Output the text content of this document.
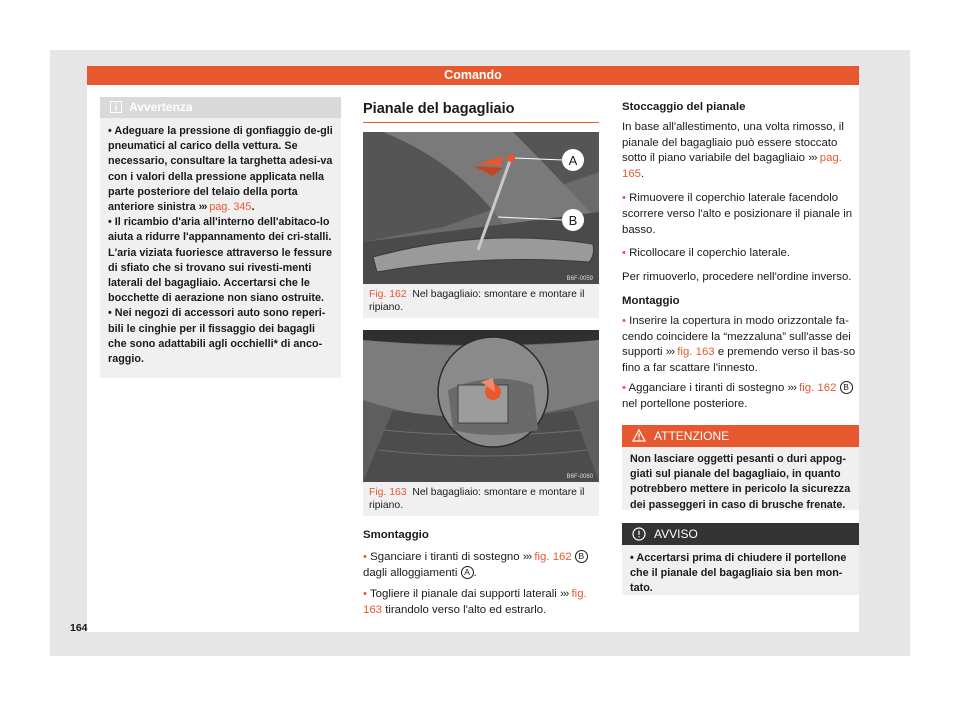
Comando
Avvertenza

• Adeguare la pressione di gonfiaggio de-gli pneumatici al carico della vettura. Se necessario, consultare la targhetta adesi-va con i valori della pressione applicata nella parte posteriore del telaio della porta anteriore sinistra ››› pag. 345.

• Il ricambio d'aria all'interno dell'abitaco-lo aiuta a ridurre l'appannamento dei cri-stalli. L'aria viziata fuoriesce attraverso le fessure di sfiato che si trovano sui rivesti-menti laterali del bagagliaio. Accertarsi che le bocchette di aerazione non siano ostruite.

• Nei negozi di accessori auto sono reperi-bili le cinghie per il fissaggio dei bagagli che sono adattabili agli occhielli* di anco-raggio.

Pianale del bagagliaio
A
B
B6F-0059
Fig. 162 Nel bagagliaio: smontare e montare il ripiano.
B6F-0060
Fig. 163 Nel bagagliaio: smontare e montare il ripiano.

Smontaggio

• Sganciare i tiranti di sostegno ››› fig. 162 B dagli alloggiamenti A .

• Togliere il pianale dai supporti laterali ››› fig. 163 tirandolo verso l'alto ed estrarlo.

Stoccaggio del pianale

In base all'allestimento, una volta rimosso, il pianale del bagagliaio può essere stoccato sotto il piano variabile del bagagliaio ››› pag. 165.

• Rimuovere il coperchio laterale facendolo scorrere verso l'alto e posizionare il pianale in basso.

• Ricollocare il coperchio laterale.

Per rimuoverlo, procedere nell'ordine inverso.

Montaggio

• Inserire la copertura in modo orizzontale fa-cendo coincidere la “mezzaluna” sull'asse dei supporti ››› fig. 163 e premendo verso il bas-so fino a far scattare l'innesto.

• Agganciare i tiranti di sostegno ››› fig. 162 B nel portellone posteriore.

ATTENZIONE

Non lasciare oggetti pesanti o duri appog-giati sul pianale del bagagliaio, in quanto potrebbero mettere in pericolo la sicurezza dei passeggeri in caso di brusche frenate.

AVVISO

• Accertarsi prima di chiudere il portellone che il pianale del bagagliaio sia ben mon-tato.

164
